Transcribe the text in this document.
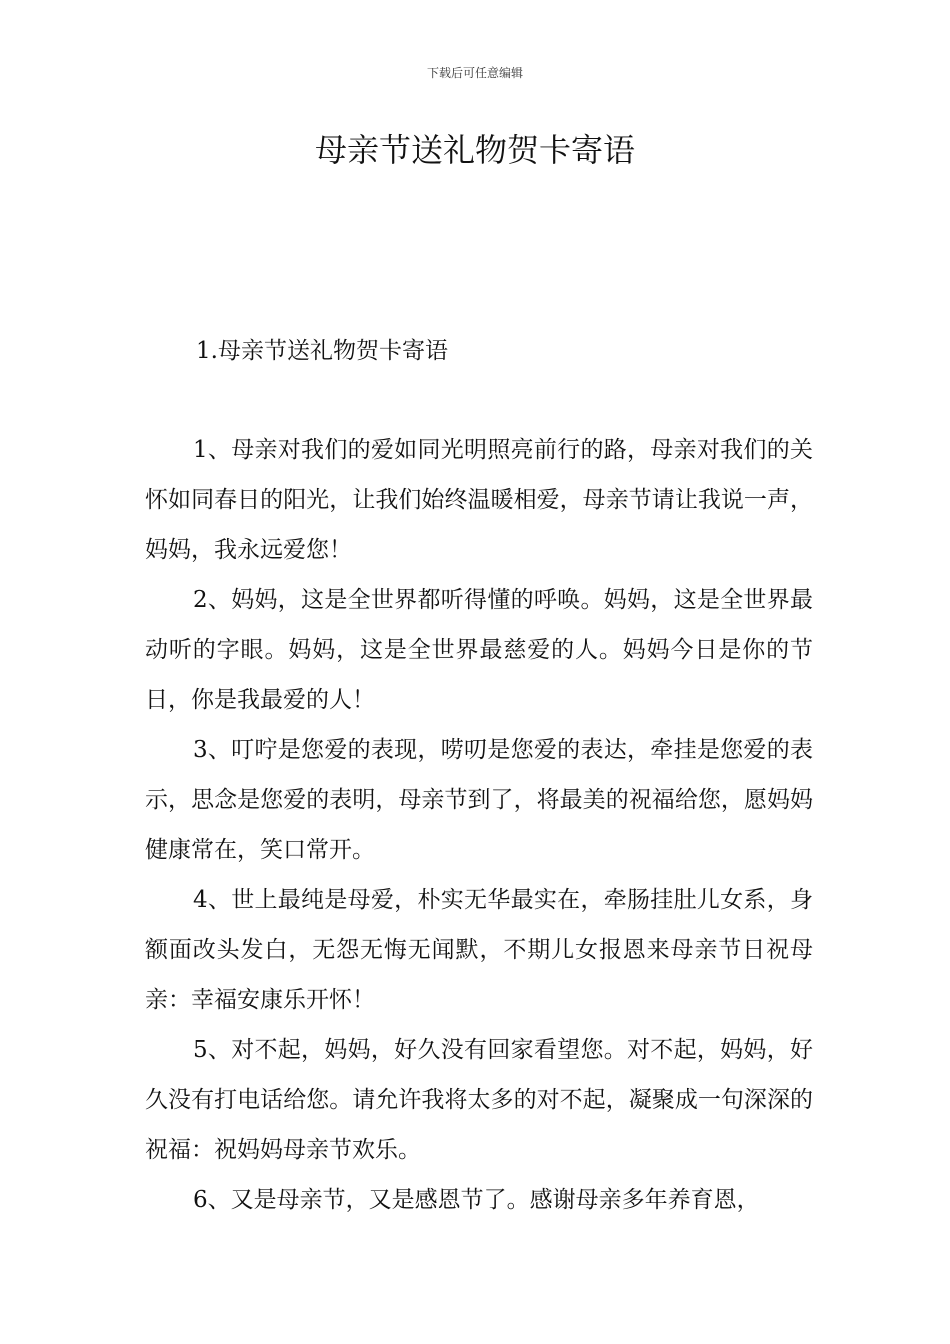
下载后可任意编辑
母亲节送礼物贺卡寄语
1.母亲节送礼物贺卡寄语

1、母亲对我们的爱如同光明照亮前行的路，母亲对我们的关怀如同春日的阳光，让我们始终温暖相爱，母亲节请让我说一声，妈妈，我永远爱您！

2、妈妈，这是全世界都听得懂的呼唤。妈妈，这是全世界最动听的字眼。妈妈，这是全世界最慈爱的人。妈妈今日是你的节日，你是我最爱的人！

3、叮咛是您爱的表现，唠叨是您爱的表达，牵挂是您爱的表示，思念是您爱的表明，母亲节到了，将最美的祝福给您，愿妈妈健康常在，笑口常开。

4、世上最纯是母爱，朴实无华最实在，牵肠挂肚儿女系，身额面改头发白，无怨无悔无闻默，不期儿女报恩来母亲节日祝母亲：幸福安康乐开怀！

5、对不起，妈妈，好久没有回家看望您。对不起，妈妈，好久没有打电话给您。请允许我将太多的对不起，凝聚成一句深深的祝福：祝妈妈母亲节欢乐。

6、又是母亲节，又是感恩节了。感谢母亲多年养育恩，
